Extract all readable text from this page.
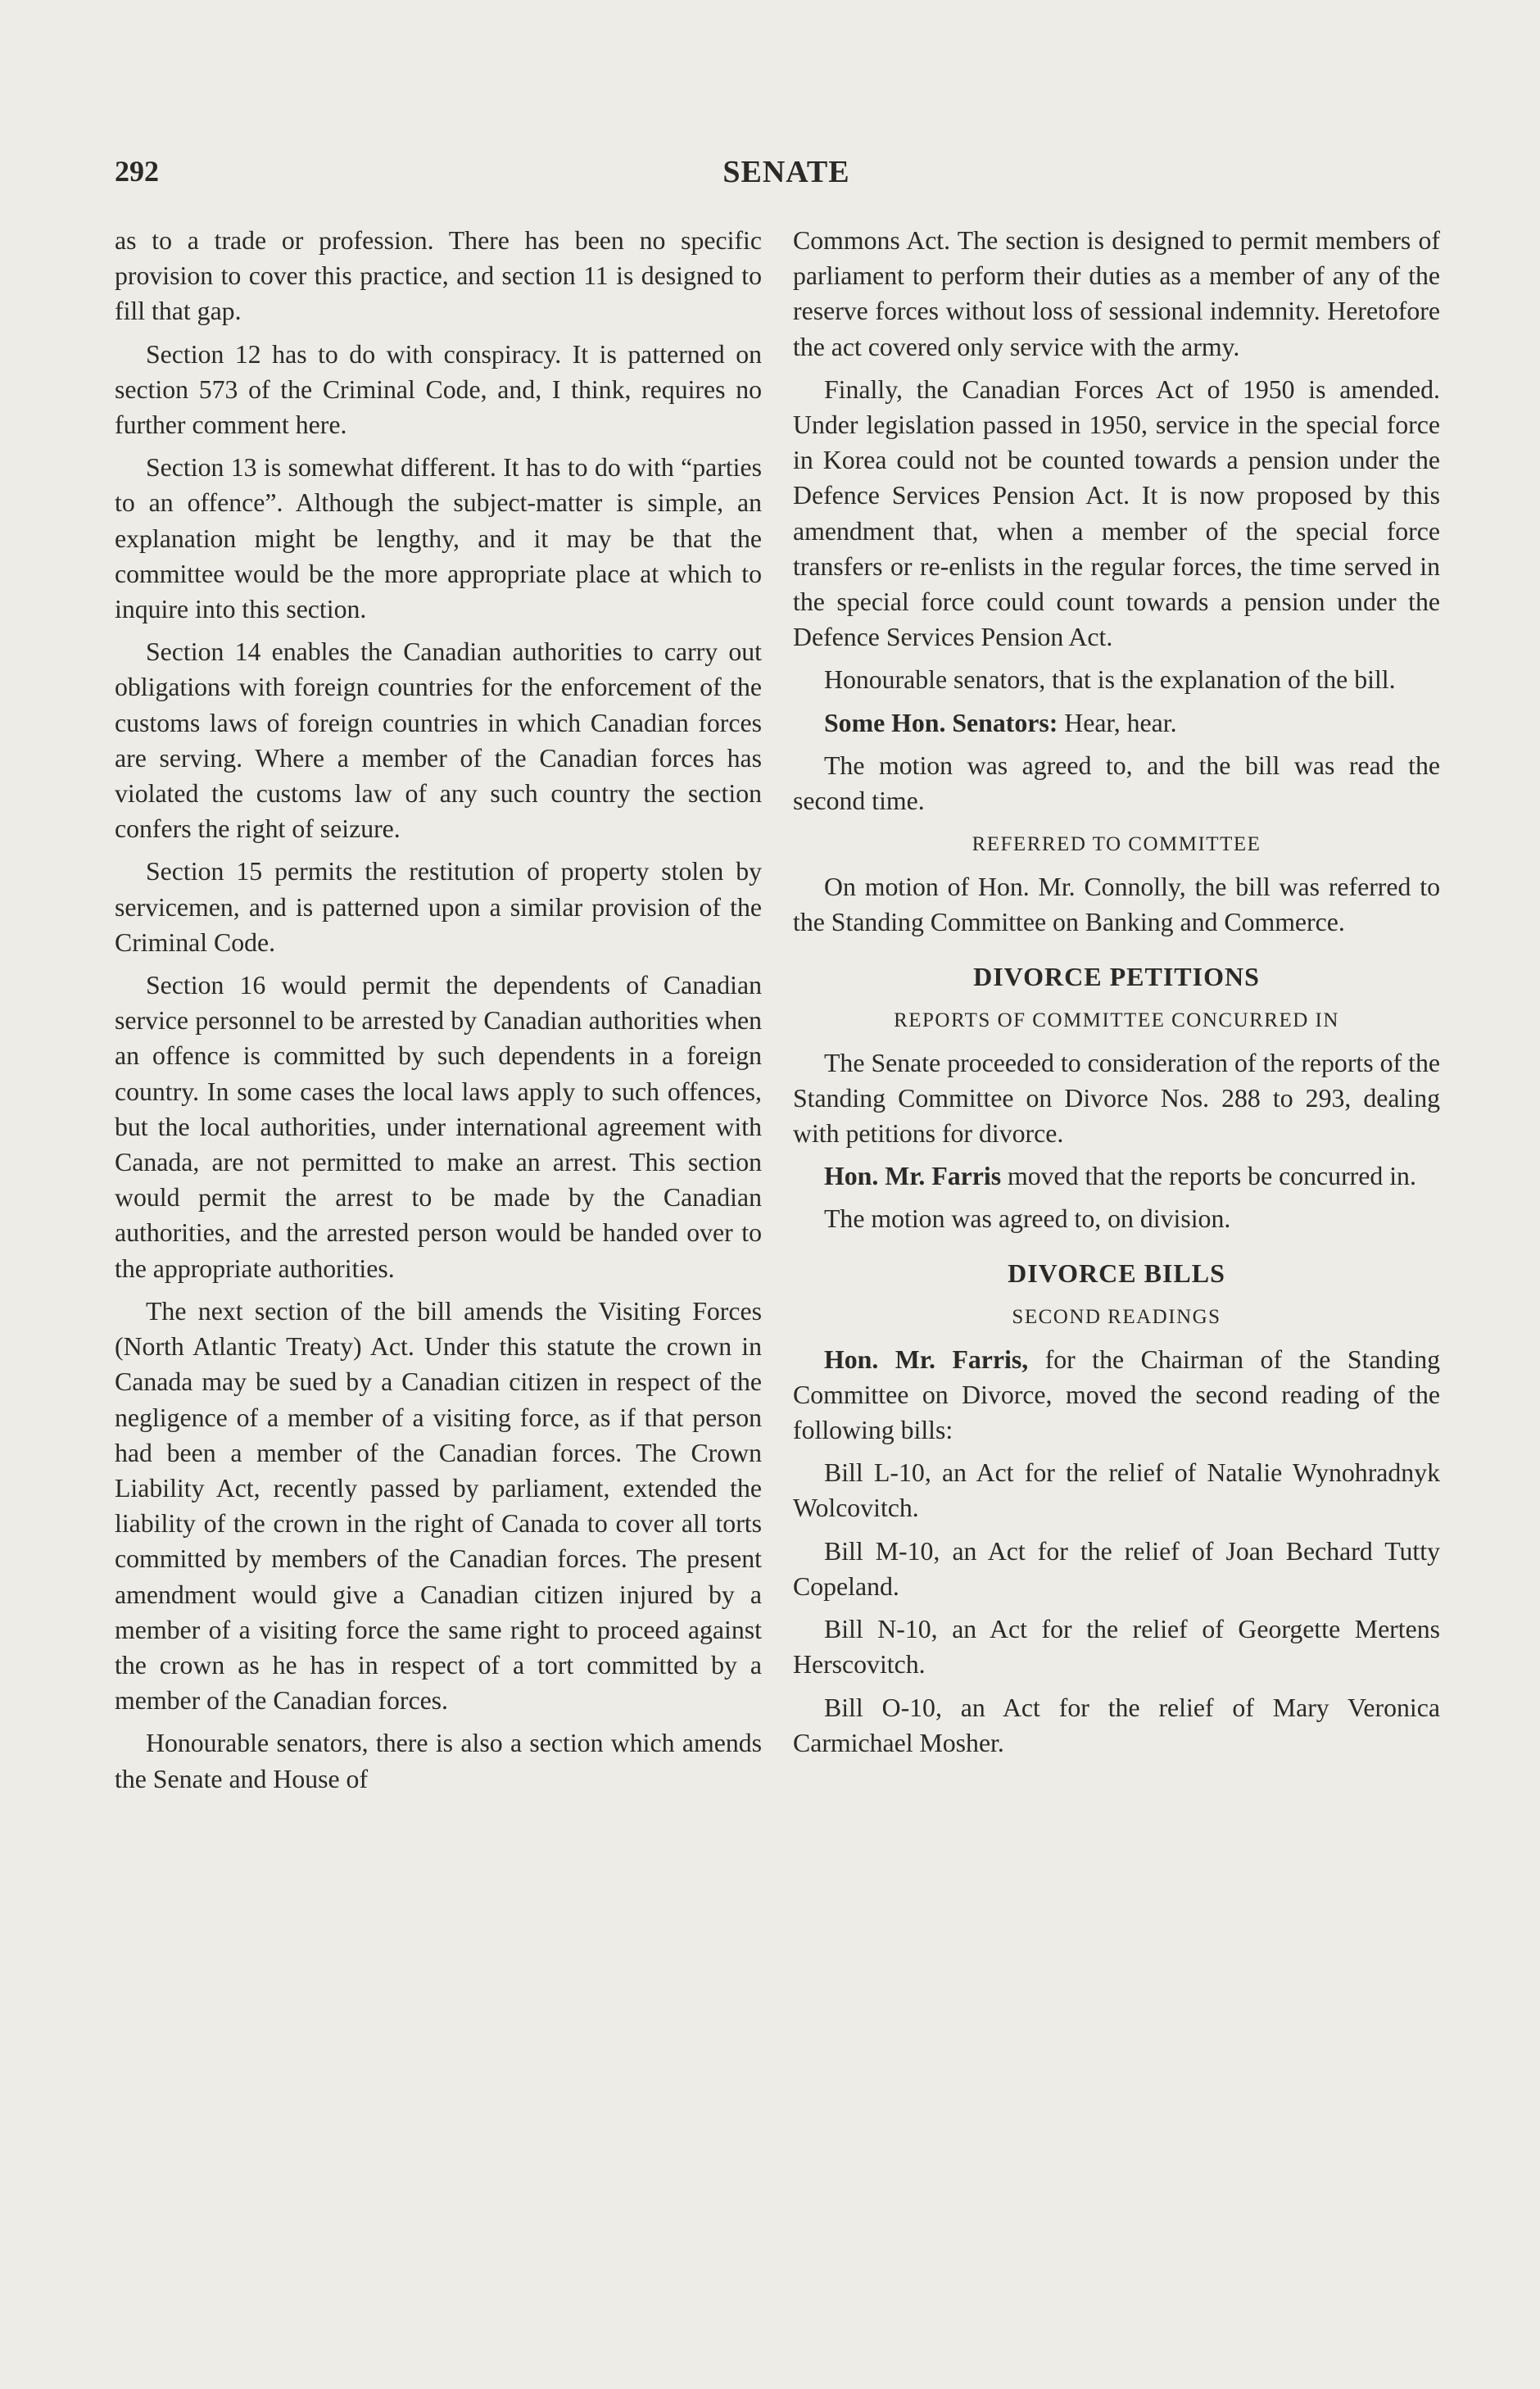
292	SENATE

as to a trade or profession. There has been no specific provision to cover this practice, and section 11 is designed to fill that gap.

Section 12 has to do with conspiracy. It is patterned on section 573 of the Criminal Code, and, I think, requires no further comment here.

Section 13 is somewhat different. It has to do with “parties to an offence”. Although the subject-matter is simple, an explanation might be lengthy, and it may be that the committee would be the more appropriate place at which to inquire into this section.

Section 14 enables the Canadian authorities to carry out obligations with foreign countries for the enforcement of the customs laws of foreign countries in which Canadian forces are serving. Where a member of the Canadian forces has violated the customs law of any such country the section confers the right of seizure.

Section 15 permits the restitution of property stolen by servicemen, and is patterned upon a similar provision of the Criminal Code.

Section 16 would permit the dependents of Canadian service personnel to be arrested by Canadian authorities when an offence is committed by such dependents in a foreign country. In some cases the local laws apply to such offences, but the local authorities, under international agreement with Canada, are not permitted to make an arrest. This section would permit the arrest to be made by the Canadian authorities, and the arrested person would be handed over to the appropriate authorities.

The next section of the bill amends the Visiting Forces (North Atlantic Treaty) Act. Under this statute the crown in Canada may be sued by a Canadian citizen in respect of the negligence of a member of a visiting force, as if that person had been a member of the Canadian forces. The Crown Liability Act, recently passed by parliament, extended the liability of the crown in the right of Canada to cover all torts committed by members of the Canadian forces. The present amendment would give a Canadian citizen injured by a member of a visiting force the same right to proceed against the crown as he has in respect of a tort committed by a member of the Canadian forces.

Honourable senators, there is also a section which amends the Senate and House of

Commons Act. The section is designed to permit members of parliament to perform their duties as a member of any of the reserve forces without loss of sessional indemnity. Heretofore the act covered only service with the army.

Finally, the Canadian Forces Act of 1950 is amended. Under legislation passed in 1950, service in the special force in Korea could not be counted towards a pension under the Defence Services Pension Act. It is now proposed by this amendment that, when a member of the special force transfers or re-enlists in the regular forces, the time served in the special force could count towards a pension under the Defence Services Pension Act.

Honourable senators, that is the explanation of the bill.

Some Hon. Senators: Hear, hear.

The motion was agreed to, and the bill was read the second time.

REFERRED TO COMMITTEE

On motion of Hon. Mr. Connolly, the bill was referred to the Standing Committee on Banking and Commerce.

DIVORCE PETITIONS
REPORTS OF COMMITTEE CONCURRED IN

The Senate proceeded to consideration of the reports of the Standing Committee on Divorce Nos. 288 to 293, dealing with petitions for divorce.

Hon. Mr. Farris moved that the reports be concurred in.

The motion was agreed to, on division.

DIVORCE BILLS
SECOND READINGS

Hon. Mr. Farris, for the Chairman of the Standing Committee on Divorce, moved the second reading of the following bills:

Bill L-10, an Act for the relief of Natalie Wynohradnyk Wolcovitch.

Bill M-10, an Act for the relief of Joan Bechard Tutty Copeland.

Bill N-10, an Act for the relief of Georgette Mertens Herscovitch.

Bill O-10, an Act for the relief of Mary Veronica Carmichael Mosher.
